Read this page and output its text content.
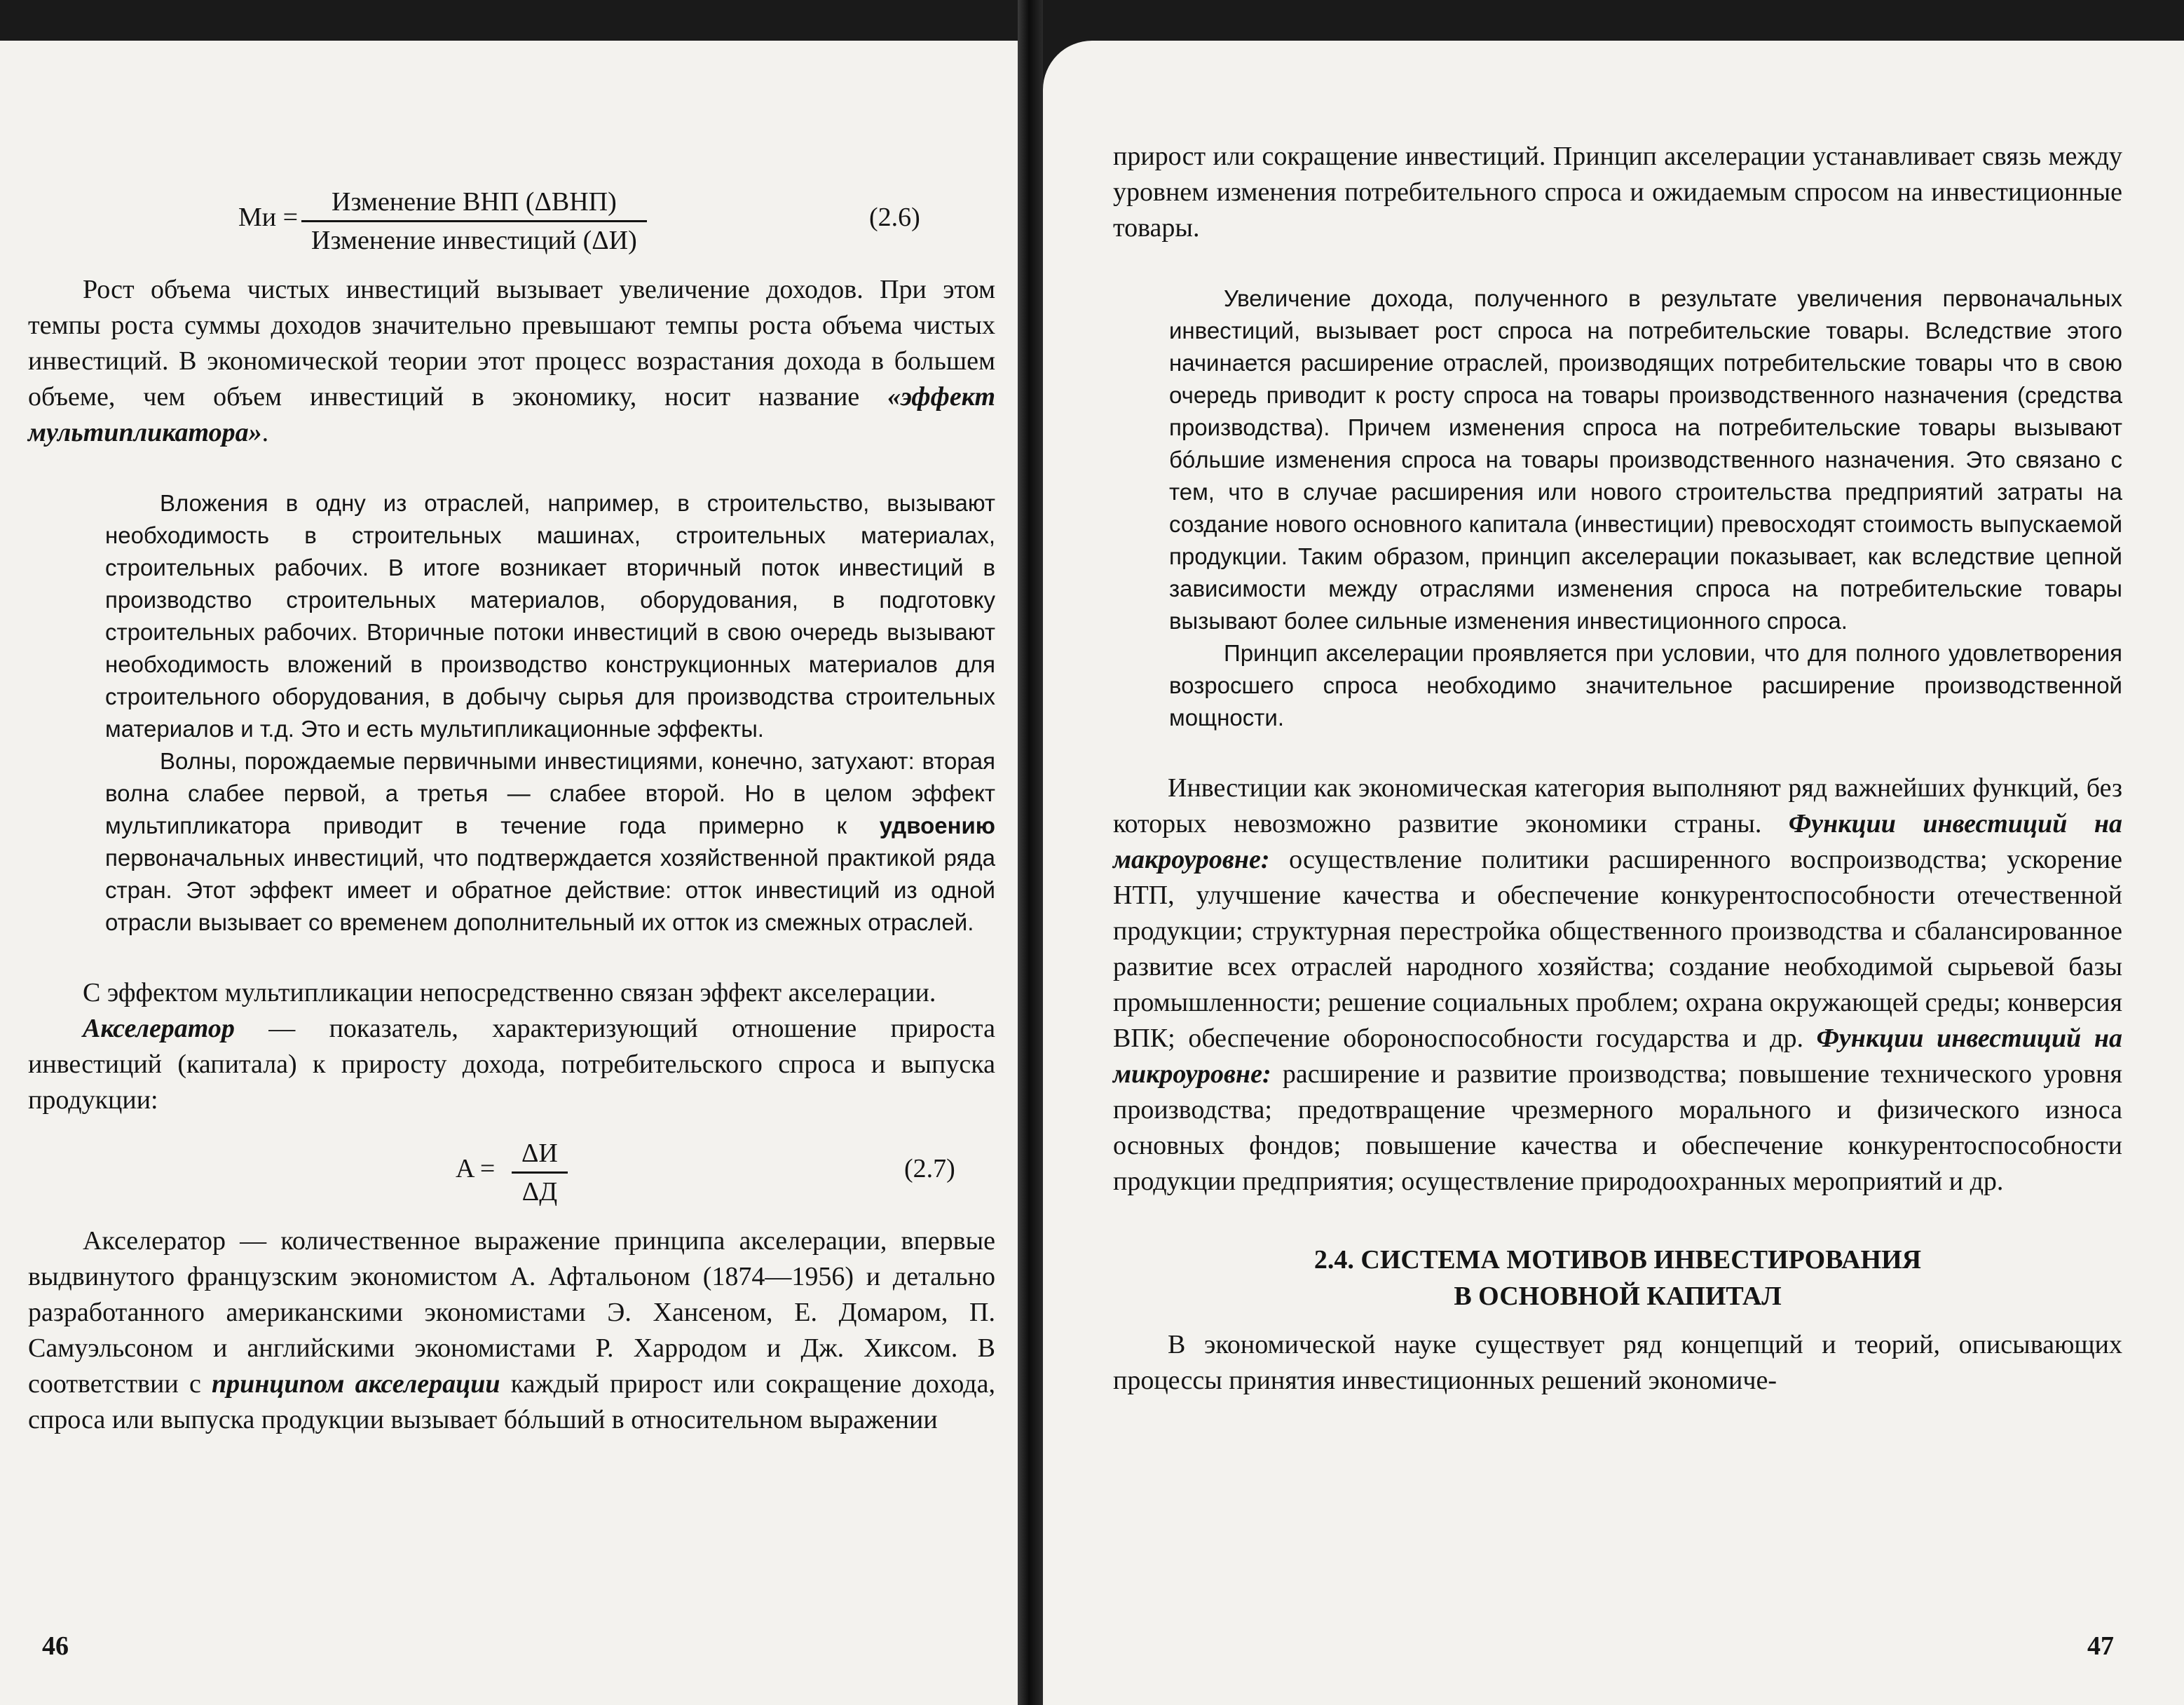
Mи =
Изменение ВНП (ΔВНП)
Изменение инвестиций (ΔИ)
(2.6)

Рост объема чистых инвестиций вызывает увеличение доходов. При этом темпы роста суммы доходов значительно превышают темпы роста объема чистых инвестиций. В экономической теории этот процесс возрастания дохода в большем объеме, чем объем инвестиций в экономику, носит название «эффект мультипликатора».

Вложения в одну из отраслей, например, в строительство, вызывают необходимость в строительных машинах, строительных материалах, строительных рабочих. В итоге возникает вторичный поток инвестиций в производство строительных материалов, оборудования, в подготовку строительных рабочих. Вторичные потоки инвестиций в свою очередь вызывают необходимость вложений в производство конструкционных материалов для строительного оборудования, в добычу сырья для производства строительных материалов и т.д. Это и есть мультипликационные эффекты.

Волны, порождаемые первичными инвестициями, конечно, затухают: вторая волна слабее первой, а третья — слабее второй. Но в целом эффект мультипликатора приводит в течение года примерно к удвоению первоначальных инвестиций, что подтверждается хозяйственной практикой ряда стран. Этот эффект имеет и обратное действие: отток инвестиций из одной отрасли вызывает со временем дополнительный их отток из смежных отраслей.

С эффектом мультипликации непосредственно связан эффект акселерации.

Акселератор — показатель, характеризующий отношение прироста инвестиций (капитала) к приросту дохода, потребительского спроса и выпуска продукции:

A =
ΔИ
ΔД
(2.7)

Акселератор — количественное выражение принципа акселерации, впервые выдвинутого французским экономистом А. Афтальоном (1874—1956) и детально разработанного американскими экономистами Э. Хансеном, Е. Домаром, П. Самуэльсоном и английскими экономистами Р. Харродом и Дж. Хиксом. В соответствии с принципом акселерации каждый прирост или сокращение дохода, спроса или выпуска продукции вызывает бóльший в относительном выражении

46

прирост или сокращение инвестиций. Принцип акселерации устанавливает связь между уровнем изменения потребительного спроса и ожидаемым спросом на инвестиционные товары.

Увеличение дохода, полученного в результате увеличения первоначальных инвестиций, вызывает рост спроса на потребительские товары. Вследствие этого начинается расширение отраслей, производящих потребительские товары что в свою очередь приводит к росту спроса на товары производственного назначения (средства производства). Причем изменения спроса на потребительские товары вызывают бóльшие изменения спроса на товары производственного назначения. Это связано с тем, что в случае расширения или нового строительства предприятий затраты на создание нового основного капитала (инвестиции) превосходят стоимость выпускаемой продукции. Таким образом, принцип акселерации показывает, как вследствие цепной зависимости между отраслями изменения спроса на потребительские товары вызывают более сильные изменения инвестиционного спроса.

Принцип акселерации проявляется при условии, что для полного удовлетворения возросшего спроса необходимо значительное расширение производственной мощности.

Инвестиции как экономическая категория выполняют ряд важнейших функций, без которых невозможно развитие экономики страны. Функции инвестиций на макроуровне: осуществление политики расширенного воспроизводства; ускорение НТП, улучшение качества и обеспечение конкурентоспособности отечественной продукции; структурная перестройка общественного производства и сбалансированное развитие всех отраслей народного хозяйства; создание необходимой сырьевой базы промышленности; решение социальных проблем; охрана окружающей среды; конверсия ВПК; обеспечение обороноспособности государства и др. Функции инвестиций на микроуровне: расширение и развитие производства; повышение технического уровня производства; предотвращение чрезмерного морального и физического износа основных фондов; повышение качества и обеспечение конкурентоспособности продукции предприятия; осуществление природоохранных мероприятий и др.

2.4. СИСТЕМА МОТИВОВ ИНВЕСТИРОВАНИЯ
В ОСНОВНОЙ КАПИТАЛ

В экономической науке существует ряд концепций и теорий, описывающих процессы принятия инвестиционных решений экономиче-

47
